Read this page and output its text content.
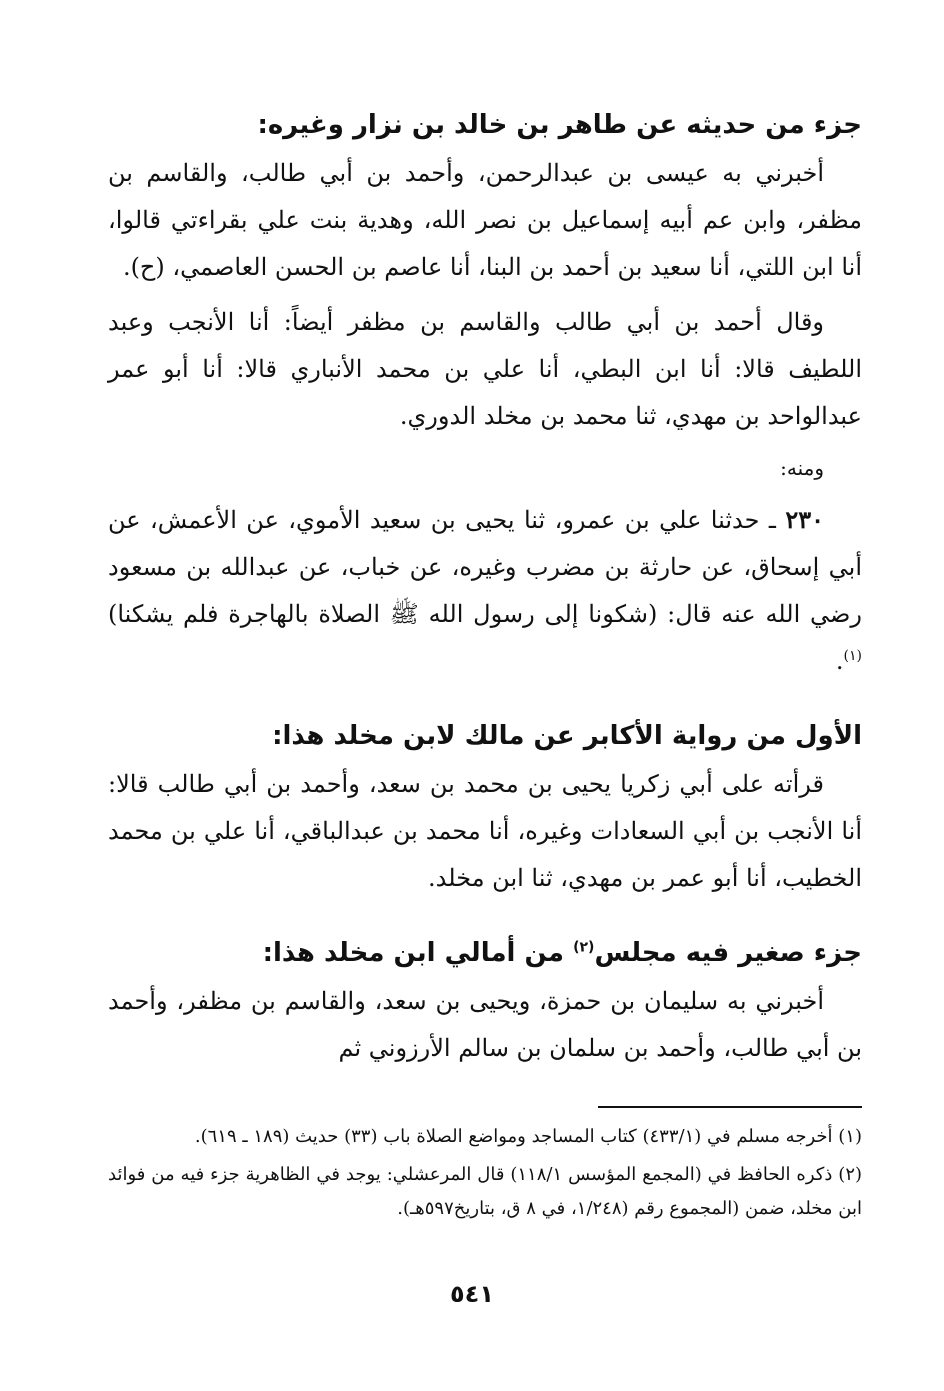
جزء من حديثه عن طاهر بن خالد بن نزار وغيره:

أخبرني به عيسى بن عبدالرحمن، وأحمد بن أبي طالب، والقاسم بن مظفر، وابن عم أبيه إسماعيل بن نصر الله، وهدية بنت علي بقراءتي قالوا، أنا ابن اللتي، أنا سعيد بن أحمد بن البنا، أنا عاصم بن الحسن العاصمي، (ح).

وقال أحمد بن أبي طالب والقاسم بن مظفر أيضاً: أنا الأنجب وعبد اللطيف قالا: أنا ابن البطي، أنا علي بن محمد الأنباري قالا: أنا أبو عمر عبدالواحد بن مهدي، ثنا محمد بن مخلد الدوري.

ومنه:

٢٣٠ ـ حدثنا علي بن عمرو، ثنا يحيى بن سعيد الأموي، عن الأعمش، عن أبي إسحاق، عن حارثة بن مضرب وغيره، عن خباب، عن عبدالله بن مسعود رضي الله عنه قال: (شكونا إلى رسول الله ﷺ الصلاة بالهاجرة فلم يشكنا)$^{(١)}$.

الأول من رواية الأكابر عن مالك لابن مخلد هذا:

قرأته على أبي زكريا يحيى بن محمد بن سعد، وأحمد بن أبي طالب قالا: أنا الأنجب بن أبي السعادات وغيره، أنا محمد بن عبدالباقي، أنا علي بن محمد الخطيب، أنا أبو عمر بن مهدي، ثنا ابن مخلد.

جزء صغير فيه مجلس$^{(٢)}$ من أمالي ابن مخلد هذا:

أخبرني به سليمان بن حمزة، ويحيى بن سعد، والقاسم بن مظفر، وأحمد بن أبي طالب، وأحمد بن سلمان بن سالم الأرزوني ثم

(١) أخرجه مسلم في (٤٣٣/١) كتاب المساجد ومواضع الصلاة باب (٣٣) حديث (١٨٩ ـ ٦١٩).

(٢) ذكره الحافظ في (المجمع المؤسس ١١٨/١) قال المرعشلي: يوجد في الظاهرية جزء فيه من فوائد ابن مخلد، ضمن (المجموع رقم (١/٢٤٨، في ٨ ق، بتاريخ٥٩٧هـ).

٥٤١
